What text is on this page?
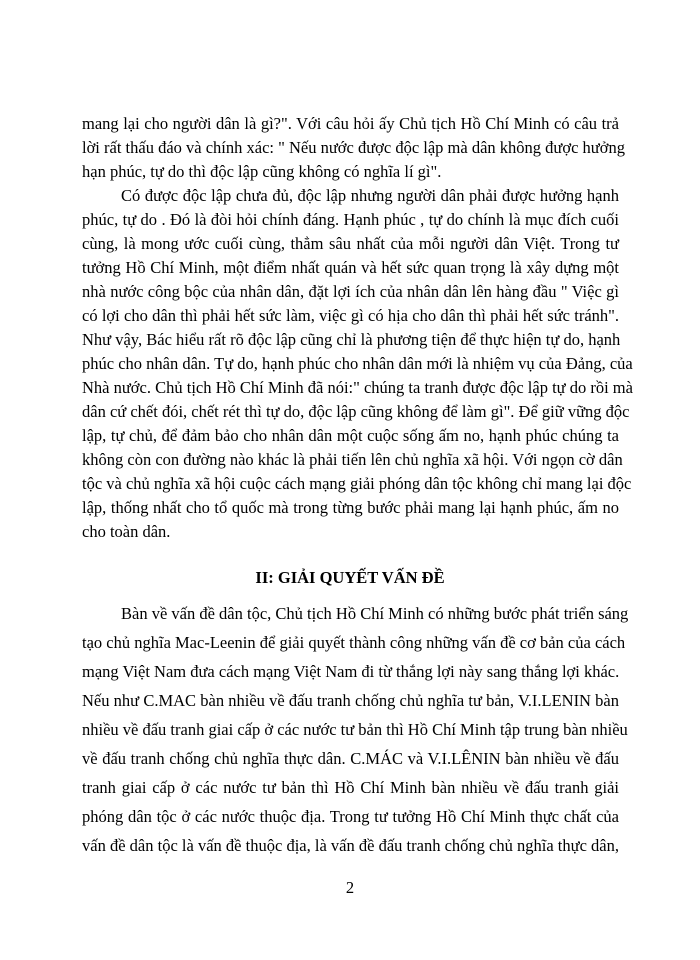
mang lại cho người dân là gì?". Với câu hỏi ấy Chủ tịch Hồ Chí Minh có câu trả
lời rất thấu đáo và chính xác: " Nếu nước được độc lập mà dân không được hưởng
hạn phúc, tự do thì độc lập cũng không có nghĩa lí gì".
Có được độc lập chưa đủ, độc lập nhưng người dân phải được hưởng hạnh
phúc, tự do . Đó là đòi hỏi chính đáng. Hạnh phúc , tự do chính là mục đích cuối
cùng, là mong ước cuối cùng, thẳm sâu nhất của mỗi người dân Việt. Trong tư
tưởng Hồ Chí Minh, một điểm nhất quán và hết sức quan trọng là xây dựng một
nhà nước công bộc của nhân dân, đặt lợi ích của nhân dân lên hàng đầu " Việc gì
có lợi cho dân thì phải hết sức làm, việc gì có hịa cho dân thì phải hết sức tránh".
Như vậy, Bác hiểu rất rõ độc lập cũng chỉ là phương tiện để thực hiện tự do, hạnh
phúc cho nhân dân. Tự do, hạnh phúc cho nhân dân mới là nhiệm vụ của Đảng, của
Nhà nước. Chủ tịch Hồ Chí Minh đã nói:" chúng ta tranh được độc lập tự do rồi mà
dân cứ chết đói, chết rét thì tự do, độc lập cũng không để làm gì". Để giữ vững độc
lập, tự chủ, để đảm bảo cho nhân dân một cuộc sống ấm no, hạnh phúc chúng ta
không còn con đường nào khác là phải tiến lên chủ nghĩa xã hội. Với ngọn cờ dân
tộc và chủ nghĩa xã hội cuộc cách mạng giải phóng dân tộc không chỉ mang lại độc
lập, thống nhất cho tổ quốc mà trong từng bước phải mang lại hạnh phúc, ấm no
cho toàn dân.
II: GIẢI QUYẾT VẤN ĐỀ
Bàn về vấn đề dân tộc, Chủ tịch Hồ Chí Minh có những bước phát triển sáng
tạo chủ nghĩa Mac-Leenin để giải quyết thành công những vấn đề cơ bản của cách
mạng Việt Nam đưa cách mạng Việt Nam đi từ thắng lợi này sang thắng lợi khác.
Nếu như C.MAC bàn nhiều về đấu tranh chống chủ nghĩa tư bản, V.I.LENIN bàn
nhiều về đấu tranh giai cấp ở các nước tư bản thì Hồ Chí Minh tập trung bàn nhiều
về đấu tranh chống chủ nghĩa thực dân. C.MÁC và V.I.LÊNIN bàn nhiều về đấu
tranh giai cấp ở các nước tư bản thì Hồ Chí Minh bàn nhiều về đấu tranh giải
phóng dân tộc ở các nước thuộc địa. Trong tư tưởng Hồ Chí Minh thực chất của
vấn đề dân tộc là vấn đề thuộc địa, là vấn đề đấu tranh chống chủ nghĩa thực dân,
2
